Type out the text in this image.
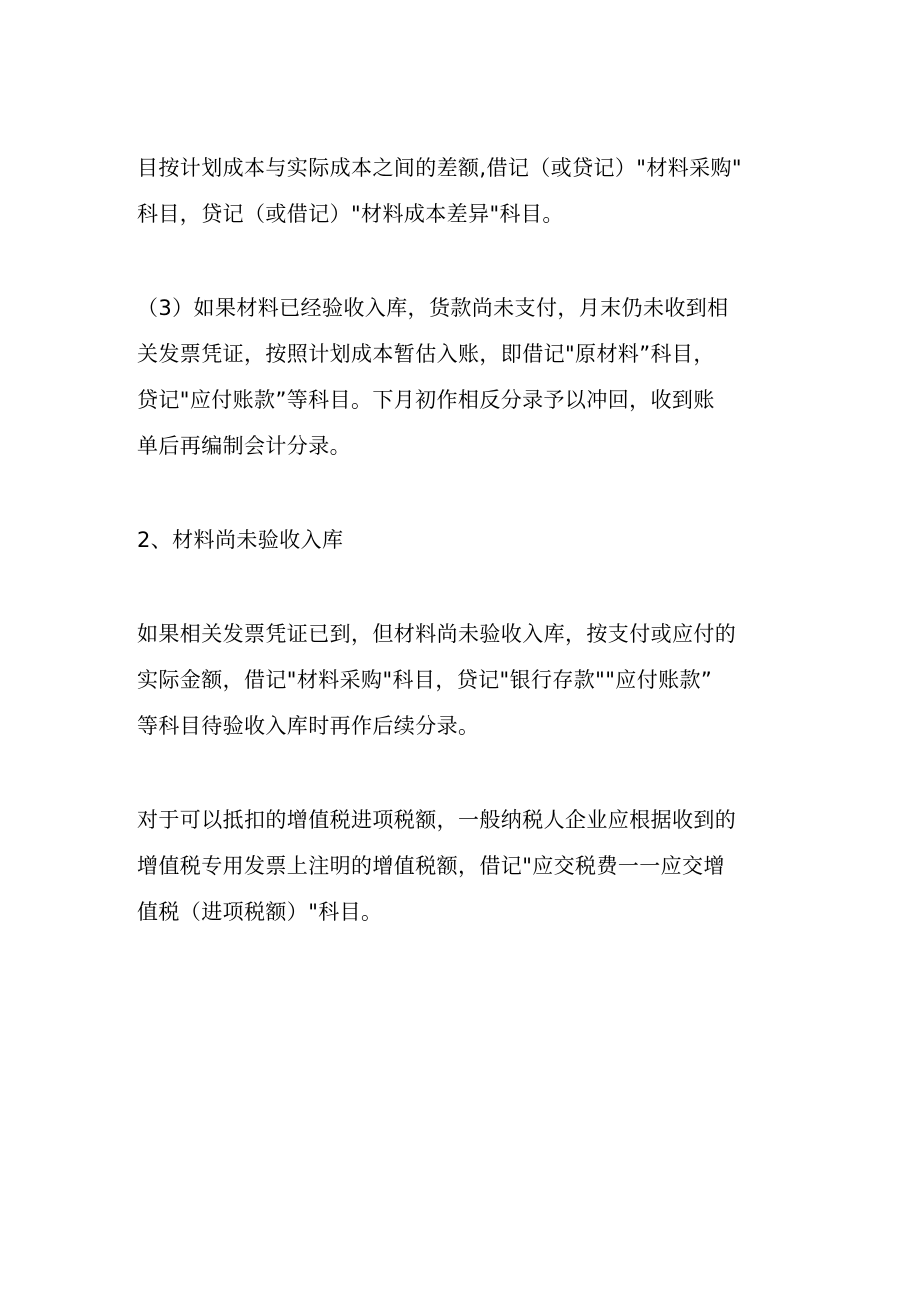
目按计划成本与实际成本之间的差额,借记（或贷记）"材料采购"
科目，贷记（或借记）"材料成本差异"科目。

（3）如果材料已经验收入库，货款尚未支付，月末仍未收到相
关发票凭证，按照计划成本暂估入账，即借记"原材料”科目，
贷记"应付账款”等科目。下月初作相反分录予以冲回，收到账
单后再编制会计分录。

2、材料尚未验收入库

如果相关发票凭证已到，但材料尚未验收入库，按支付或应付的
实际金额，借记"材料采购"科目，贷记"银行存款""应付账款”
等科目待验收入库时再作后续分录。

对于可以抵扣的增值税进项税额，一般纳税人企业应根据收到的
增值税专用发票上注明的增值税额，借记"应交税费一一应交增
值税（进项税额）"科目。
